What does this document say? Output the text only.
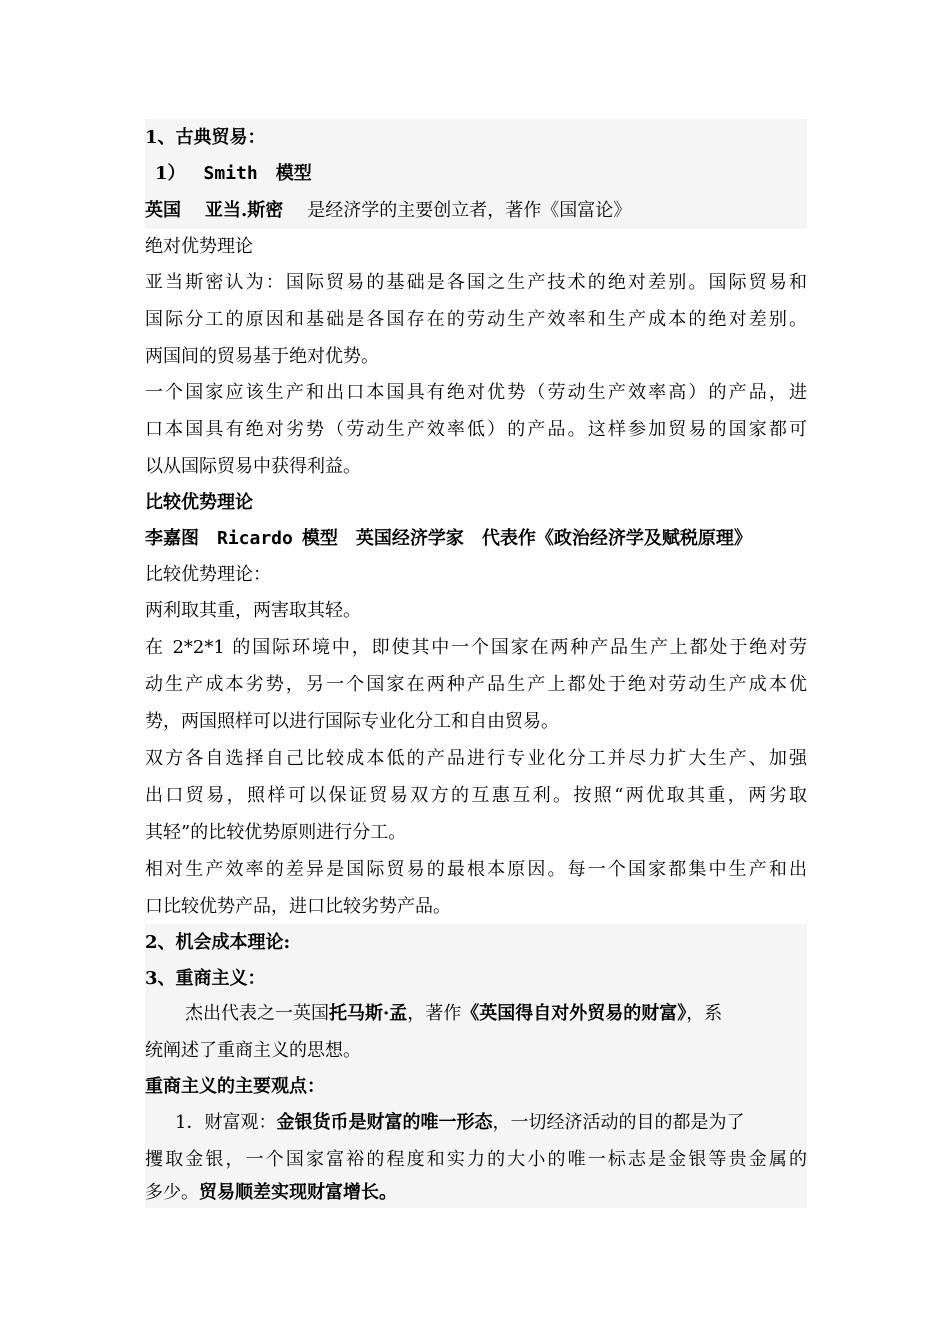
1、古典贸易：
1） Smith 模型
英国 亚当.斯密 是经济学的主要创立者，著作《国富论》
绝对优势理论
亚当斯密认为：国际贸易的基础是各国之生产技术的绝对差别。国际贸易和
国际分工的原因和基础是各国存在的劳动生产效率和生产成本的绝对差别。
两国间的贸易基于绝对优势。
一个国家应该生产和出口本国具有绝对优势（劳动生产效率高）的产品，进
口本国具有绝对劣势（劳动生产效率低）的产品。这样参加贸易的国家都可
以从国际贸易中获得利益。
比较优势理论
李嘉图 Ricardo 模型 英国经济学家 代表作《政治经济学及赋税原理》
比较优势理论：
两利取其重，两害取其轻。
在 2*2*1 的国际环境中，即使其中一个国家在两种产品生产上都处于绝对劳
动生产成本劣势，另一个国家在两种产品生产上都处于绝对劳动生产成本优
势，两国照样可以进行国际专业化分工和自由贸易。
双方各自选择自己比较成本低的产品进行专业化分工并尽力扩大生产、加强
出口贸易，照样可以保证贸易双方的互惠互利。按照“两优取其重，两劣取
其轻”的比较优势原则进行分工。
相对生产效率的差异是国际贸易的最根本原因。每一个国家都集中生产和出
口比较优势产品，进口比较劣势产品。
2、机会成本理论:
3、重商主义：
杰出代表之一英国托马斯·孟，著作《英国得自对外贸易的财富》，系
统阐述了重商主义的思想。
重商主义的主要观点：
1．财富观：金银货币是财富的唯一形态，一切经济活动的目的都是为了
攫取金银，一个国家富裕的程度和实力的大小的唯一标志是金银等贵金属的
多少。贸易顺差实现财富增长。
